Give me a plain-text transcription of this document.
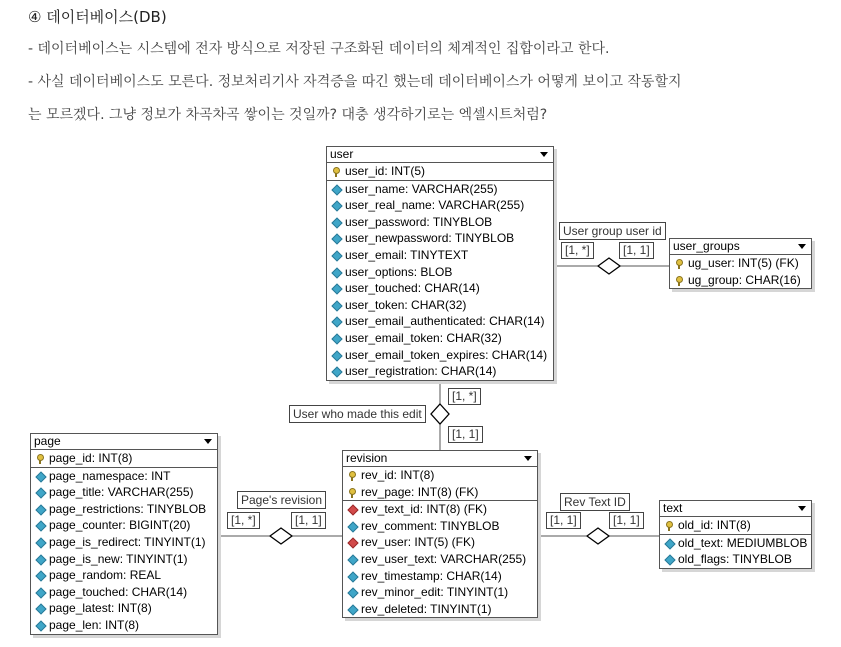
④ 데이터베이스(DB)
- 데이터베이스는 시스템에 전자 방식으로 저장된 구조화된 데이터의 체계적인 집합이라고 한다.
- 사실 데이터베이스도 모른다. 정보처리기사 자격증을 따긴 했는데 데이터베이스가 어떻게 보이고 작동할지
는 모르겠다. 그냥 정보가 차곡차곡 쌓이는 것일까? 대충 생각하기로는 엑셀시트처럼?
user
user_id: INT(5)
user_name: VARCHAR(255)
user_real_name: VARCHAR(255)
user_password: TINYBLOB
user_newpassword: TINYBLOB
user_email: TINYTEXT
user_options: BLOB
user_touched: CHAR(14)
user_token: CHAR(32)
user_email_authenticated: CHAR(14)
user_email_token: CHAR(32)
user_email_token_expires: CHAR(14)
user_registration: CHAR(14)
user_groups
ug_user: INT(5) (FK)
ug_group: CHAR(16)
page
page_id: INT(8)
page_namespace: INT
page_title: VARCHAR(255)
page_restrictions: TINYBLOB
page_counter: BIGINT(20)
page_is_redirect: TINYINT(1)
page_is_new: TINYINT(1)
page_random: REAL
page_touched: CHAR(14)
page_latest: INT(8)
page_len: INT(8)
revision
rev_id: INT(8)
rev_page: INT(8) (FK)
rev_text_id: INT(8) (FK)
rev_comment: TINYBLOB
rev_user: INT(5) (FK)
rev_user_text: VARCHAR(255)
rev_timestamp: CHAR(14)
rev_minor_edit: TINYINT(1)
rev_deleted: TINYINT(1)
text
old_id: INT(8)
old_text: MEDIUMBLOB
old_flags: TINYBLOB
User group user id
[1, *]	[1, 1]
User who made this edit
[1, *]
[1, 1]
Page's revision
[1, *]	[1, 1]
Rev Text ID
[1, 1]	[1, 1]
